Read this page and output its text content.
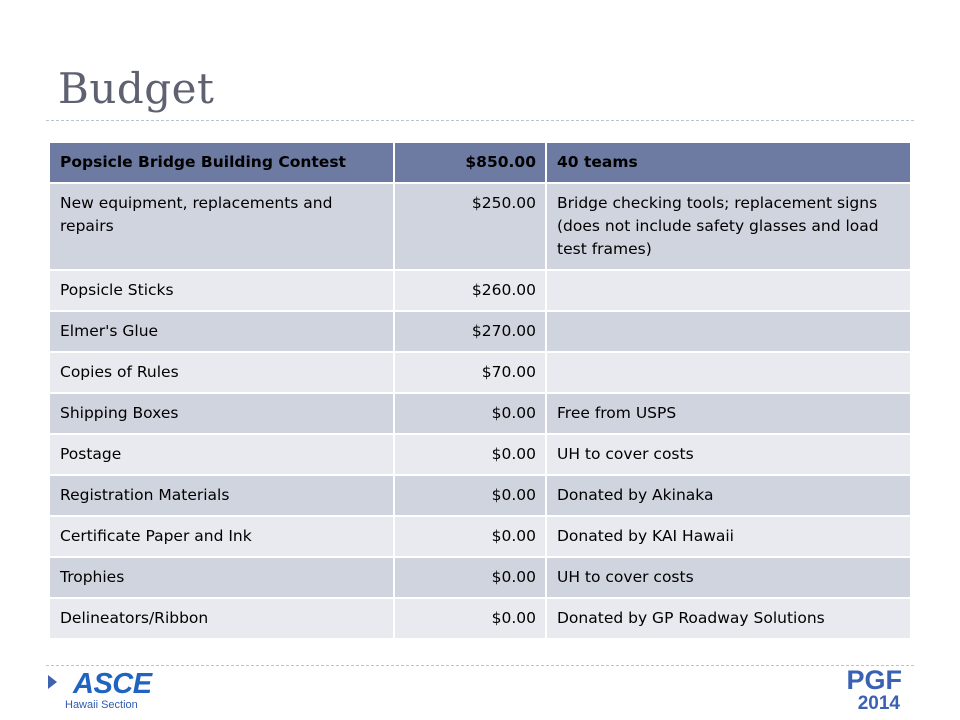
Budget
Popsicle Bridge Building Contest	$850.00	40 teams
New equipment, replacements and repairs	$250.00	Bridge checking tools; replacement signs (does not include safety glasses and load test frames)
Popsicle Sticks	$260.00	
Elmer's Glue	$270.00	
Copies of Rules	$70.00	
Shipping Boxes	$0.00	Free from USPS
Postage	$0.00	UH to cover costs
Registration Materials	$0.00	Donated by Akinaka
Certificate Paper and Ink	$0.00	Donated by KAI Hawaii
Trophies	$0.00	UH to cover costs
Delineators/Ribbon	$0.00	Donated by GP Roadway Solutions
ASCE
Hawaii Section
PGF
2014
